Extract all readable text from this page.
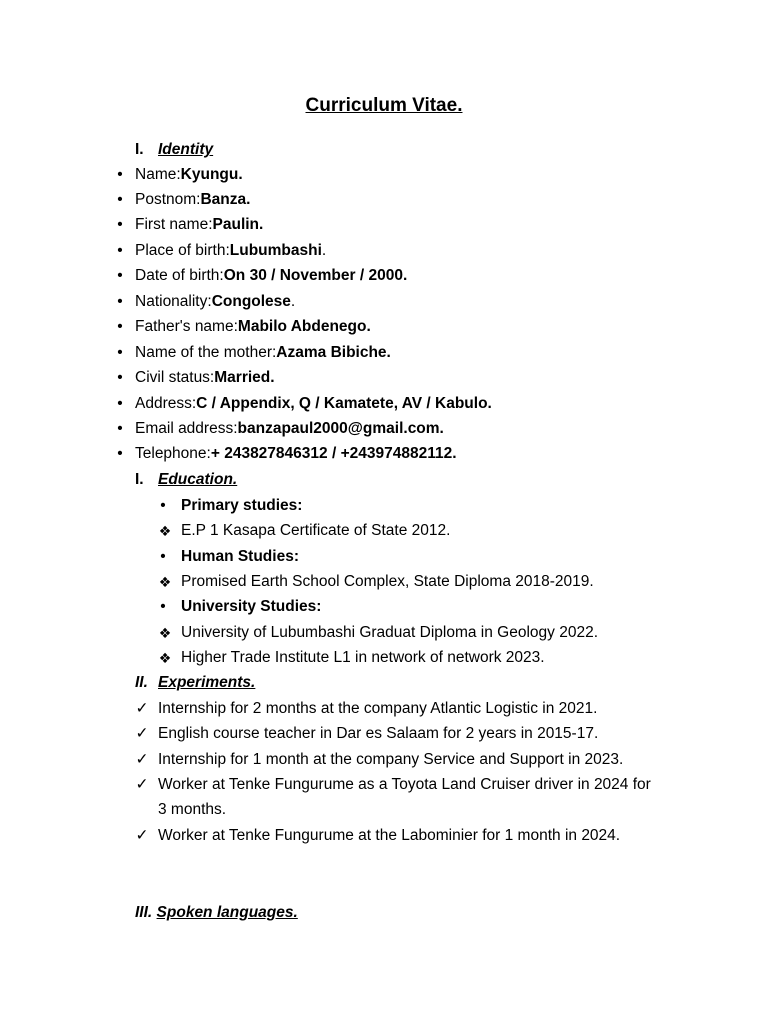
Curriculum Vitae.
I. Identity
• Name:Kyungu.
• Postnom:Banza.
• First name:Paulin.
• Place of birth:Lubumbashi.
• Date of birth:On 30 / November / 2000.
• Nationality:Congolese.
• Father's name:Mabilo Abdenego.
• Name of the mother:Azama Bibiche.
• Civil status:Married.
• Address:C / Appendix, Q / Kamatete, AV / Kabulo.
• Email address:banzapaul2000@gmail.com.
• Telephone:+ 243827846312 / +243974882112.
I. Education.
• Primary studies:
❖ E.P 1 Kasapa Certificate of State 2012.
• Human Studies:
❖ Promised Earth School Complex, State Diploma 2018-2019.
• University Studies:
❖ University of Lubumbashi Graduat Diploma in Geology 2022.
❖ Higher Trade Institute L1 in network of network 2023.
II. Experiments.
✓ Internship for 2 months at the company Atlantic Logistic in 2021.
✓ English course teacher in Dar es Salaam for 2 years in 2015-17.
✓ Internship for 1 month at the company Service and Support in 2023.
✓ Worker at Tenke Fungurume as a Toyota Land Cruiser driver in 2024 for
3 months.
✓ Worker at Tenke Fungurume at the Labominier for 1 month in 2024.
III. Spoken languages.
